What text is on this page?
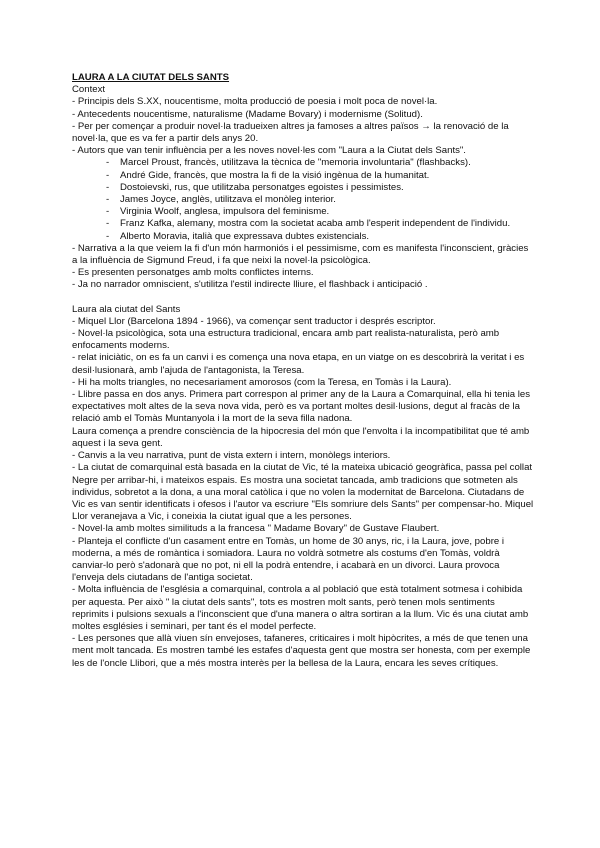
LAURA A LA CIUTAT DELS SANTS
Context
- Principis dels S.XX, noucentisme, molta producció de poesia i molt poca de novel·la.
- Antecedents noucentisme, naturalisme (Madame Bovary) i modernisme (Solitud).
- Per per començar a produir novel·la tradueixen altres ja famoses a altres països → la renovació de la novel·la, que es va fer a partir dels anys 20.
- Autors que van tenir influència per a les noves novel·les com "Laura a la Ciutat dels Sants".
- Marcel Proust, francès, utilitzava la tècnica de "memoria involuntaria" (flashbacks).
- André Gide, francès, que mostra la fi de la visió ingènua de la humanitat.
- Dostoievski, rus, que utilitzaba personatges egoistes i pessimistes.
- James Joyce, anglès, utilitzava el monòleg interior.
- Virginia Woolf, anglesa, impulsora del feminisme.
- Franz Kafka, alemany, mostra com la societat acaba amb l'esperit independent de l'individu.
- Alberto Moravia, italià que expressava dubtes existencials.
- Narrativa a la que veiem la fi d'un món harmoniós i el pessimisme, com es manifesta l'inconscient, gràcies a la influència de Sigmund Freud, i fa que neixi la novel·la psicològica.
- Es presenten personatges amb molts conflictes interns.
- Ja no narrador omniscient, s'utilitza l'estil indirecte lliure, el flashback i anticipació .
Laura ala ciutat del Sants
- Miquel Llor (Barcelona 1894 - 1966), va començar sent traductor i després escriptor.
- Novel·la psicològica, sota una estructura tradicional, encara amb part realista-naturalista, però amb enfocaments moderns.
- relat iniciàtic, on es fa un canvi i es comença una nova etapa, en un viatge on es descobrirà la veritat i es desil·lusionarà, amb l'ajuda de l'antagonista, la Teresa.
- Hi ha molts triangles, no necesariament amorosos (com la Teresa, en Tomàs i la Laura).
- Llibre passa en dos anys. Primera part correspon al primer any de la Laura a Comarquinal, ella hi tenia les expectatives molt altes de la seva nova vida, però es va portant moltes desil·lusions, degut al fracàs de la relació amb el Tomàs Muntanyola i la mort de la seva filla nadona.
Laura comença a prendre consciència de la hipocresia del món que l'envolta i la incompatibilitat que té amb aquest i la seva gent.
- Canvis a la veu narrativa, punt de vista extern i intern, monòlegs interiors.
- La ciutat de comarquinal està basada en la ciutat de Vic, té la mateixa ubicació geogràfica, passa pel collat Negre per arribar-hi, i mateixos espais. Es mostra una societat tancada, amb tradicions que sotmeten als individus, sobretot a la dona, a una moral catòlica i que no volen la modernitat de Barcelona. Ciutadans de Vic es van sentir identificats i ofesos i l'autor va escriure "Els somriure dels Sants" per compensar-ho. Miquel Llor veranejava a Vic, i coneixia la ciutat igual que a les persones.
- Novel·la amb moltes similituds a la francesa " Madame Bovary" de Gustave Flaubert.
- Planteja el conflicte d'un casament entre en Tomàs, un home de 30 anys, ric, i la Laura, jove, pobre i moderna, a més de romàntica i somiadora. Laura no voldrà sotmetre als costums d'en Tomàs, voldrà canviar-lo però s'adonarà que no pot, ni ell la podrà entendre, i acabarà en un divorci. Laura provoca l'enveja dels ciutadans de l'antiga societat.
- Molta influència de l'església a comarquinal, controla a al població que està totalment sotmesa i cohibida per aquesta. Per això " la ciutat dels sants", tots es mostren molt sants, però tenen mols sentiments reprimits i pulsions sexuals a l'inconscient que d'una manera o altra sortiran a la llum. Vic és una ciutat amb moltes esglésies i seminari, per tant és el model perfecte.
- Les persones que allà viuen sín envejoses, tafaneres, criticaires i molt hipòcrites, a més de que tenen una ment molt tancada. Es mostren també les estafes d'aquesta gent que mostra ser honesta, com per exemple les de l'oncle Llibori, que a més mostra interès per la bellesa de la Laura, encara les seves crítiques.
